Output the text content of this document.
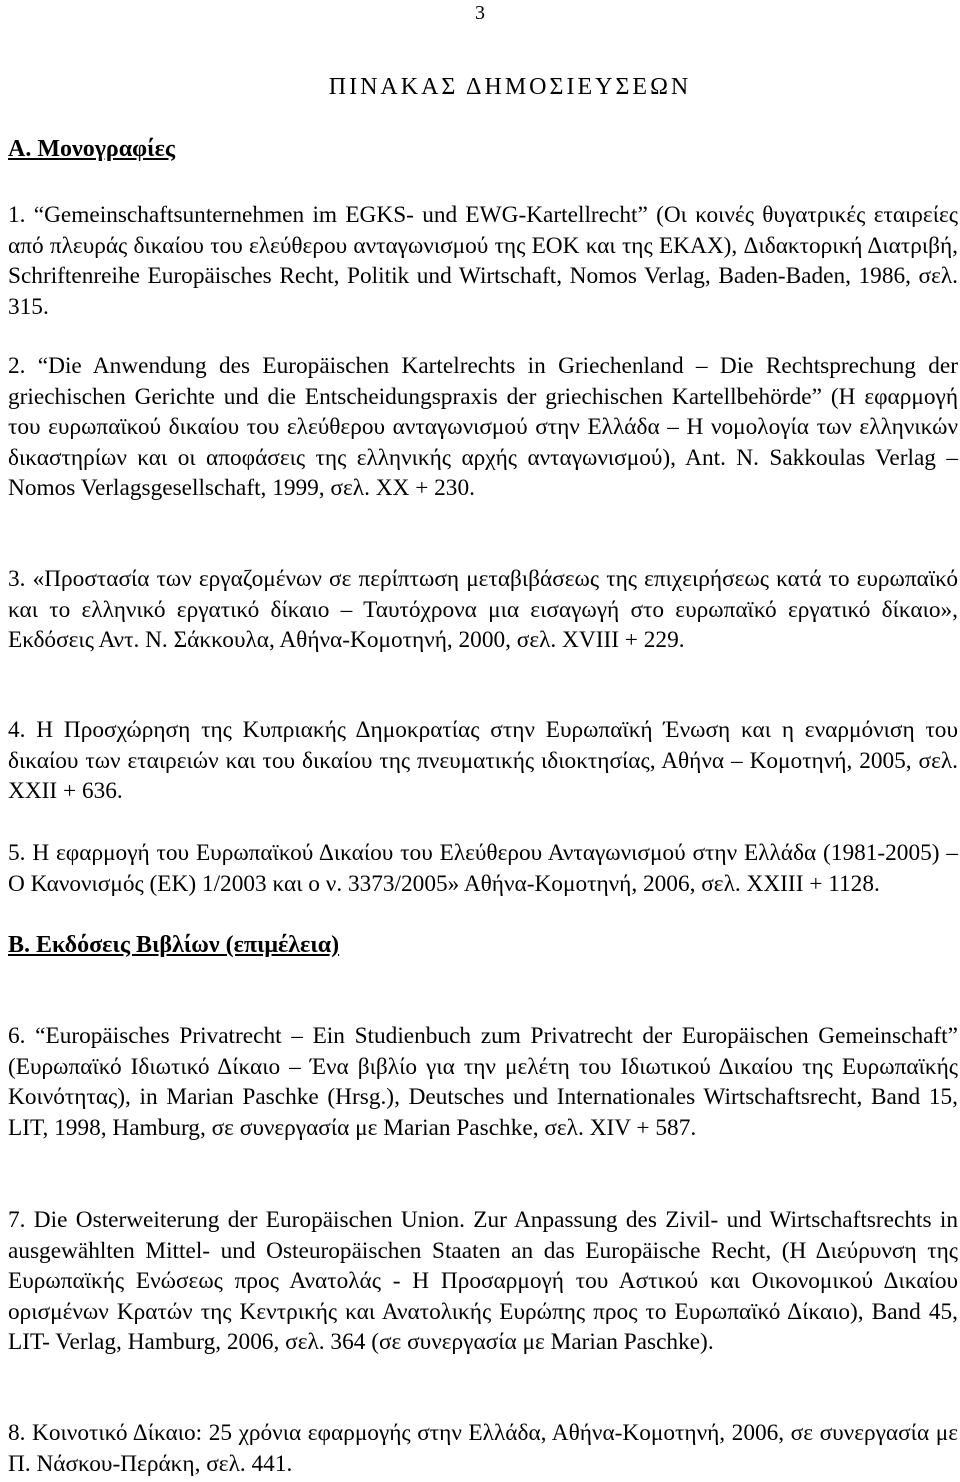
3
ΠΙΝΑΚΑΣ ΔΗΜΟΣΙΕΥΣΕΩΝ
A. Μονογραφίες

1. “Gemeinschaftsunternehmen im EGKS- und EWG-Kartellrecht” (Οι κοινές θυγατρικές εταιρείες από πλευράς δικαίου του ελεύθερου ανταγωνισμού της ΕΟΚ και της ΕΚΑΧ), Διδακτορική Διατριβή, Schriftenreihe Europäisches Recht, Politik und Wirtschaft, Nomos Verlag, Baden-Baden, 1986, σελ. 315.

2. “Die Anwendung des Europäischen Kartelrechts in Griechenland – Die Rechtsprechung der griechischen Gerichte und die Entscheidungspraxis der griechischen Kartellbehörde” (Η εφαρμογή του ευρωπαϊκού δικαίου του ελεύθερου ανταγωνισμού στην Ελλάδα – Η νομολογία των ελληνικών δικαστηρίων και οι αποφάσεις της ελληνικής αρχής ανταγωνισμού), Ant. N. Sakkoulas Verlag – Nomos Verlagsgesellschaft, 1999, σελ. XX + 230.

3. «Προστασία των εργαζομένων σε περίπτωση μεταβιβάσεως της επιχειρήσεως κατά το ευρωπαϊκό και το ελληνικό εργατικό δίκαιο – Ταυτόχρονα μια εισαγωγή στο ευρωπαϊκό εργατικό δίκαιο», Εκδόσεις Αντ. Ν. Σάκκουλα, Αθήνα-Κομοτηνή, 2000, σελ. XVIII + 229.

4. Η Προσχώρηση της Κυπριακής Δημοκρατίας στην Ευρωπαϊκή Ένωση και η εναρμόνιση του δικαίου των εταιρειών και του δικαίου της πνευματικής ιδιοκτησίας, Αθήνα – Κομοτηνή, 2005, σελ. XXII + 636.

5. Η εφαρμογή του Ευρωπαϊκού Δικαίου του Ελεύθερου Ανταγωνισμού στην Ελλάδα (1981-2005) – Ο Κανονισμός (ΕΚ) 1/2003 και ο ν. 3373/2005» Αθήνα-Κομοτηνή, 2006, σελ. XXIII + 1128.

B. Εκδόσεις Βιβλίων (επιμέλεια)

6. “Europäisches Privatrecht – Ein Studienbuch zum Privatrecht der Europäischen Gemeinschaft” (Ευρωπαϊκό Ιδιωτικό Δίκαιο – Ένα βιβλίο για την μελέτη του Ιδιωτικού Δικαίου της Ευρωπαϊκής Κοινότητας), in Marian Paschke (Hrsg.), Deutsches und Internationales Wirtschaftsrecht, Band 15, LIT, 1998, Hamburg, σε συνεργασία με Marian Paschke, σελ. XIV + 587.

7. Die Osterweiterung der Europäischen Union. Zur Anpassung des Zivil- und Wirtschaftsrechts in ausgewählten Mittel- und Osteuropäischen Staaten an das Europäische Recht, (Η Διεύρυνση της Ευρωπαϊκής Ενώσεως προς Ανατολάς - Η Προσαρμογή του Αστικού και Οικονομικού Δικαίου ορισμένων Κρατών της Κεντρικής και Ανατολικής Ευρώπης προς το Ευρωπαϊκό Δίκαιο), Band 45, LIT- Verlag, Hamburg, 2006, σελ. 364 (σε συνεργασία με Marian Paschke).

8. Κοινοτικό Δίκαιο: 25 χρόνια εφαρμογής στην Ελλάδα, Αθήνα-Κομοτηνή, 2006, σε συνεργασία με Π. Νάσκου-Περάκη, σελ. 441.
